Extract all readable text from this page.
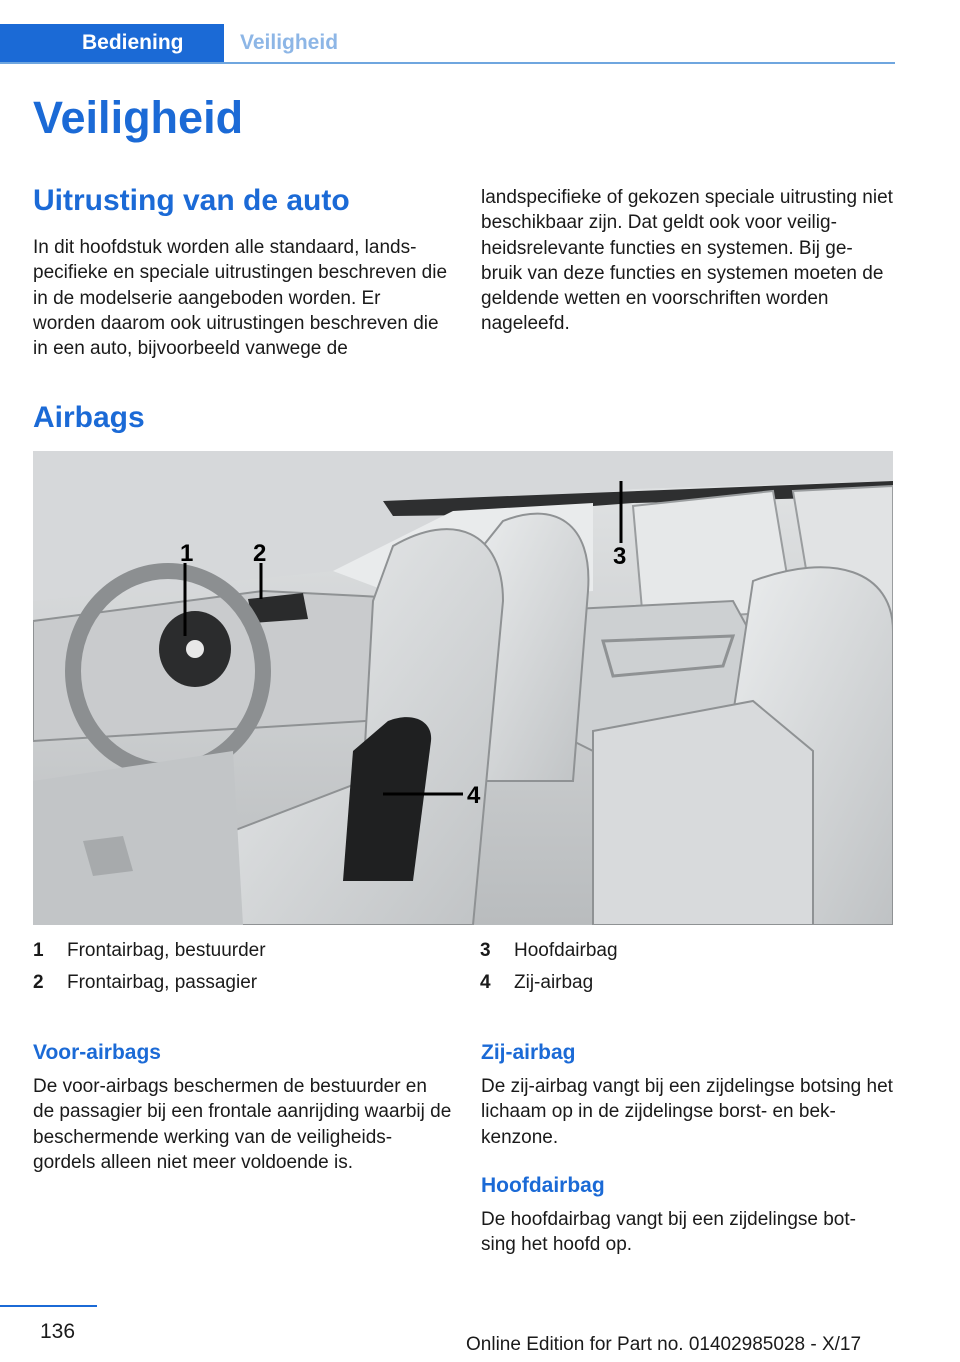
Bediening	Veiligheid
Veiligheid
Uitrusting van de auto

In dit hoofdstuk worden alle standaard, lands- pecifieke en speciale uitrustingen beschreven die in de modelserie aangeboden worden. Er worden daarom ook uitrustingen beschreven die in een auto, bijvoorbeeld vanwege de

landspecifieke of gekozen speciale uitrusting niet beschikbaar zijn. Dat geldt ook voor veilig- heidsrelevante functies en systemen. Bij ge- bruik van deze functies en systemen moeten de geldende wetten en voorschriften worden nageleefd.

Airbags
1 2	3
4
1 Frontairbag, bestuurder
2 Frontairbag, passagier
3 Hoofdairbag
4 Zij-airbag
Voor-airbags

De voor-airbags beschermen de bestuurder en de passagier bij een frontale aanrijding waarbij de beschermende werking van de veiligheids- gordels alleen niet meer voldoende is.

Zij-airbag

De zij-airbag vangt bij een zijdelingse botsing het lichaam op in de zijdelingse borst- en bek- kenzone.

Hoofdairbag

De hoofdairbag vangt bij een zijdelingse bot- sing het hoofd op.

136
Online Edition for Part no. 01402985028 - X/17
